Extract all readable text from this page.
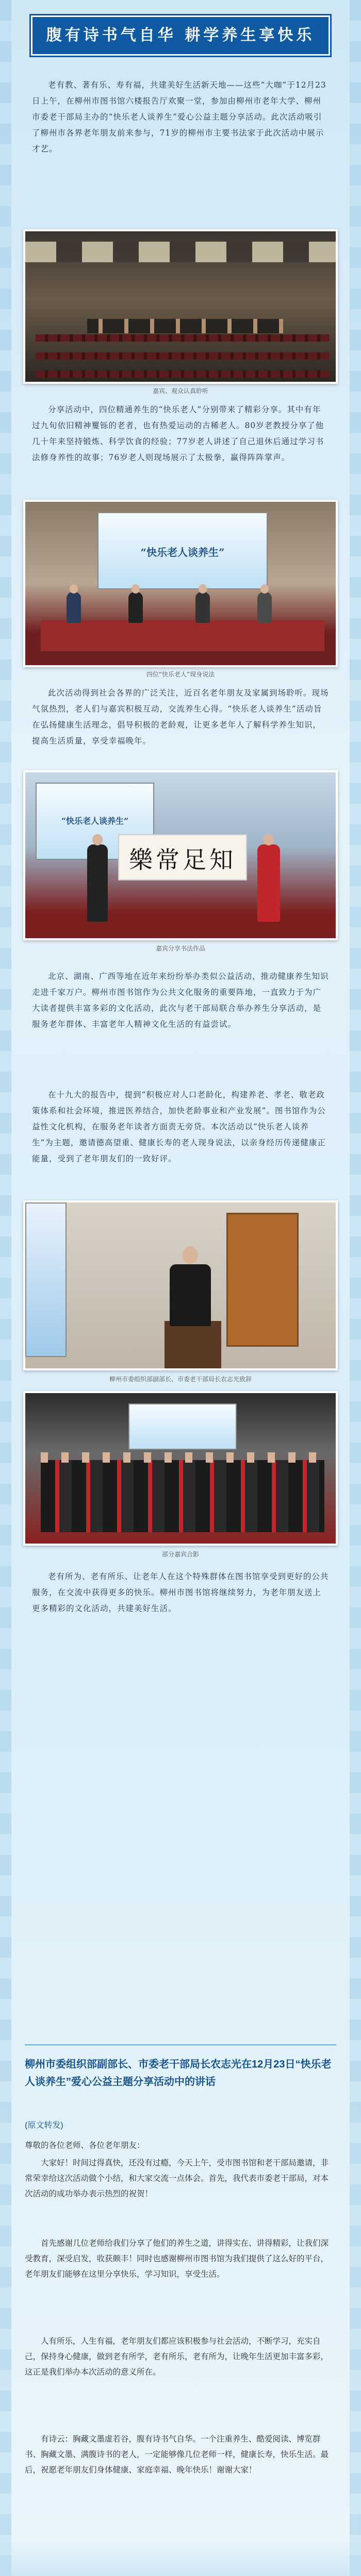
腹有诗书气自华 耕学养生享快乐

老有教、著有乐、寿有福，共建美好生活新天地——这些“大咖”于12月23日上午，在柳州市图书馆六楼报告厅欢聚一堂，参加由柳州市老年大学、柳州市委老干部局主办的“快乐老人谈养生”爱心公益主题分享活动。此次活动吸引了柳州市各界老年朋友前来参与，71岁的柳州市主要书法家于此次活动中展示才艺。

嘉宾、观众认真聆听

分享活动中，四位精通养生的“快乐老人”分别带来了精彩分享。其中有年过九旬依旧精神矍铄的老者，也有热爱运动的古稀老人。80岁老教授分享了他几十年来坚持锻炼、科学饮食的经验；77岁老人讲述了自己退休后通过学习书法修身养性的故事；76岁老人则现场展示了太极拳，赢得阵阵掌声。

“快乐老人谈养生”
四位“快乐老人”现身说法

此次活动得到社会各界的广泛关注，近百名老年朋友及家属到场聆听。现场气氛热烈，老人们与嘉宾积极互动，交流养生心得。“快乐老人谈养生”活动旨在弘扬健康生活理念，倡导积极的老龄观，让更多老年人了解科学养生知识，提高生活质量，享受幸福晚年。

“快乐老人谈养生”
樂常足知
嘉宾分享书法作品

北京、湖南、广西等地在近年来纷纷举办类似公益活动，推动健康养生知识走进千家万户。柳州市图书馆作为公共文化服务的重要阵地，一直致力于为广大读者提供丰富多彩的文化活动，此次与老干部局联合举办养生分享活动，是服务老年群体、丰富老年人精神文化生活的有益尝试。

在十九大的报告中，提到“积极应对人口老龄化，构建养老、孝老、敬老政策体系和社会环境，推进医养结合，加快老龄事业和产业发展”。图书馆作为公益性文化机构，在服务老年读者方面责无旁贷。本次活动以“快乐老人谈养生”为主题，邀请德高望重、健康长寿的老人现身说法，以亲身经历传递健康正能量，受到了老年朋友们的一致好评。

柳州市委组织部副部长、市委老干部局长农志光致辞
部分嘉宾合影

老有所为、老有所乐、让老年人在这个特殊群体在图书馆享受到更好的公共服务，在交流中获得更多的快乐。柳州市图书馆将继续努力，为老年朋友送上更多精彩的文化活动，共建美好生活。

柳州市委组织部副部长、市委老干部局长农志光在12月23日“快乐老人谈养生”爱心公益主题分享活动中的讲话
(原文转发)

尊敬的各位老师、各位老年朋友：

大家好！时间过得真快，还没有过瘾，今天上午，受市图书馆和老干部局邀请，非常荣幸给这次活动做个小结，和大家交流一点体会。首先，我代表市委老干部局，对本次活动的成功举办表示热烈的祝贺！

首先感谢几位老师给我们分享了他们的养生之道，讲得实在、讲得精彩，让我们深受教育，深受启发，收获颇丰！同时也感谢柳州市图书馆为我们提供了这么好的平台，老年朋友们能够在这里分享快乐，学习知识，享受生活。

人有所乐，人生有福，老年朋友们都应该积极参与社会活动，不断学习，充实自己，保持身心健康，做到老有所学，老有所乐，老有所为，让晚年生活更加丰富多彩，这正是我们举办本次活动的意义所在。

有诗云：胸藏文墨虚若谷，腹有诗书气自华。一个注重养生、酷爱阅读、博览群书、胸藏文墨、满腹诗书的老人，一定能够像几位老师一样，健康长寿，快乐生活。最后，祝愿老年朋友们身体健康、家庭幸福、晚年快乐！谢谢大家！
